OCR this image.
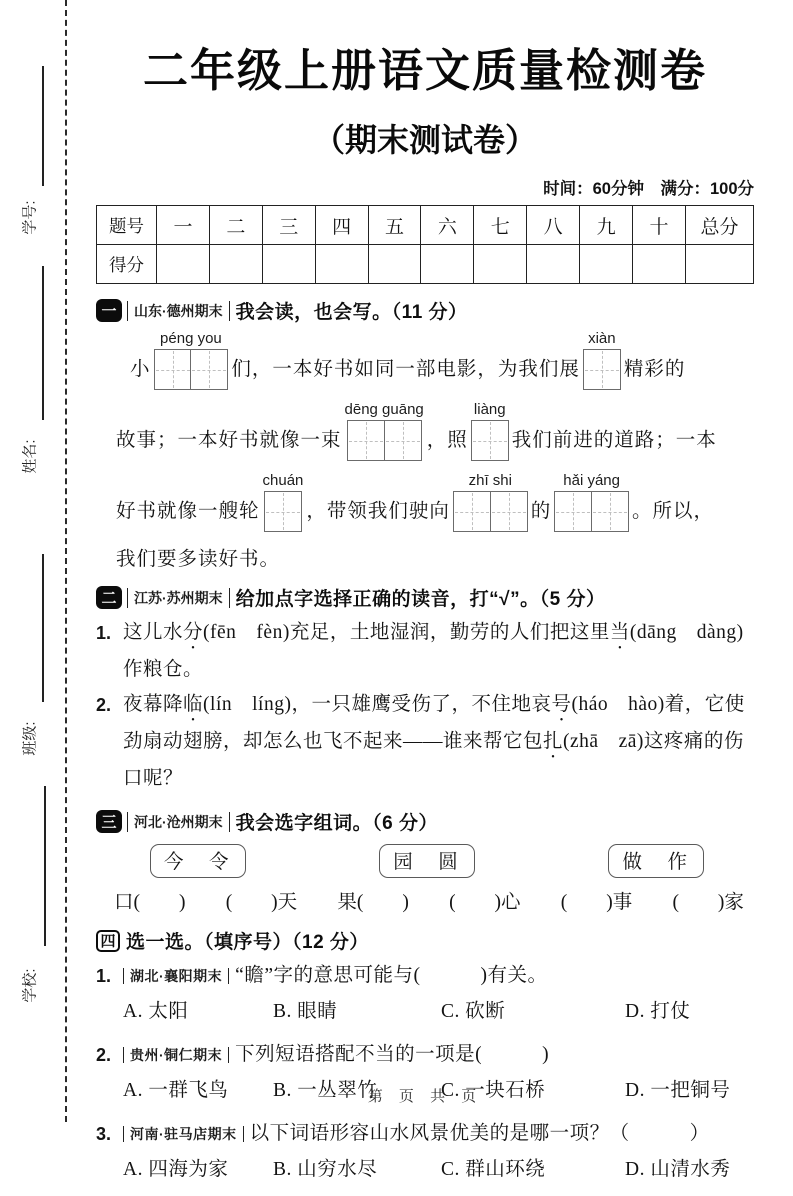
学号:
姓名:
班级:
学校:
二年级上册语文质量检测卷
（期末测试卷）
时间：60分钟　满分：100分
题号	一	二	三	四	五	六	七	八	九	十	总分
得分											
一	山东·德州期末 我会读，也会写。（11 分）
小
péng you
们，一本好书如同一部电影，为我们展
xiàn
精彩的
故事；一本好书就像一束
dēng guāng
，照
liàng
我们前进的道路；一本
好书就像一艘轮
chuán
，带领我们驶向
zhī shi
的
hǎi yáng
。所以，
我们要多读好书。
二	江苏·苏州期末 给加点字选择正确的读音，打“√”。（5 分）
1. 这儿水分(fēn　fèn)充足，土地湿润，勤劳的人们把这里当(dāng　dàng)作粮仓。
2. 夜幕降临(lín　líng)，一只雄鹰受伤了，不住地哀号(háo　hào)着，它使劲扇动翅膀，却怎么也飞不起来——谁来帮它包扎(zhā　zā)这疼痛的伤口呢？
三	河北·沧州期末 我会选字组词。（6 分）
今　令	园　圆	做　作
口(　　) (　　)天 果(　　) (　　)心 (　　)事 (　　)家
四 选一选。（填序号）（12 分）
1.	湖北·襄阳期末 “瞻”字的意思可能与(　　　)有关。
A. 太阳	B. 眼睛	C. 砍断	D. 打仗
2.	贵州·铜仁期末 下列短语搭配不当的一项是(　　　)
A. 一群飞鸟	B. 一丛翠竹	C. 一块石桥	D. 一把铜号
3.	河南·驻马店期末 以下词语形容山水风景优美的是哪一项？（　　　）
A. 四海为家	B. 山穷水尽	C. 群山环绕	D. 山清水秀
第 页 共 页
